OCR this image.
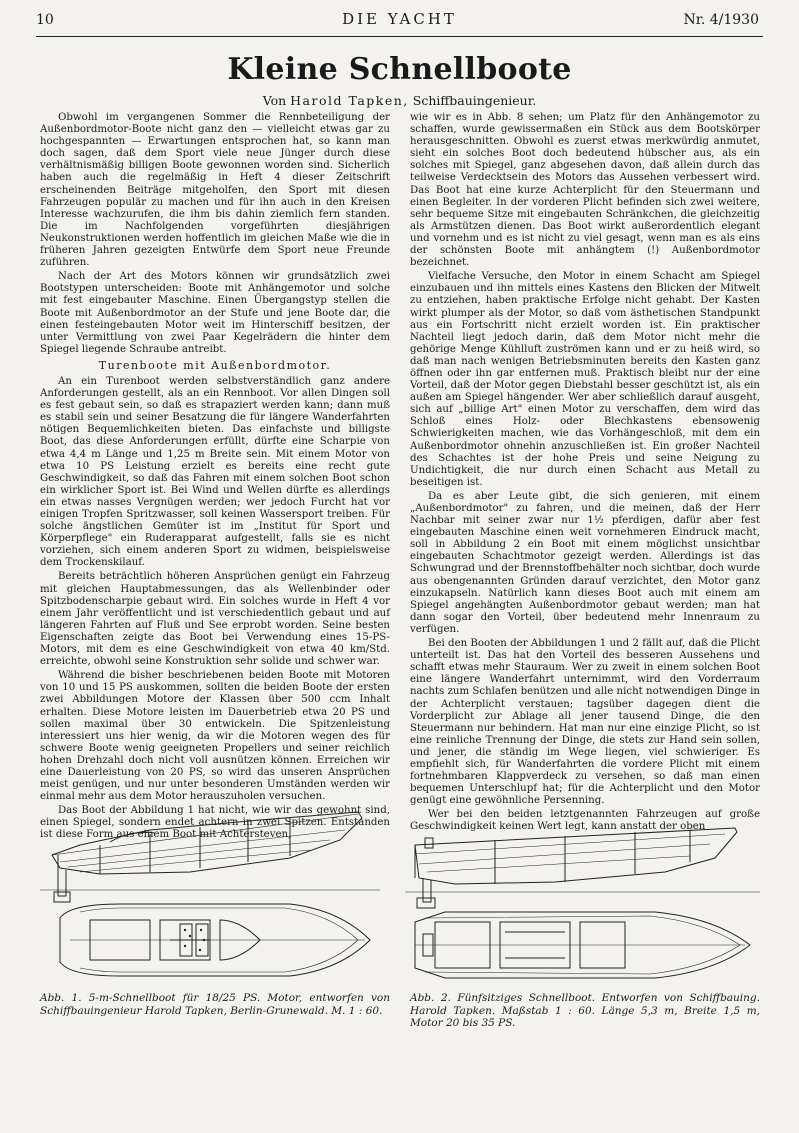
10	DIE YACHT	Nr. 4/1930
Kleine Schnellboote
Von Harold Tapken, Schiffbauingenieur.

Obwohl im vergangenen Sommer die Rennbeteiligung der Außenbordmotor-Boote nicht ganz den — vielleicht etwas gar zu hochgespannten — Erwartungen entsprochen hat, so kann man doch sagen, daß dem Sport viele neue Jünger durch diese verhältnismäßig billigen Boote gewonnen worden sind. Sicherlich haben auch die regelmäßig in Heft 4 dieser Zeitschrift erscheinenden Beiträge mitgeholfen, den Sport mit diesen Fahrzeugen populär zu machen und für ihn auch in den Kreisen Interesse wachzurufen, die ihm bis dahin ziemlich fern standen. Die im Nachfolgenden vorgeführten diesjährigen Neukonstruktionen werden hoffentlich im gleichen Maße wie die in früheren Jahren gezeigten Entwürfe dem Sport neue Freunde zuführen.

Nach der Art des Motors können wir grundsätzlich zwei Bootstypen unterscheiden: Boote mit Anhängemotor und solche mit fest eingebauter Maschine. Einen Übergangstyp stellen die Boote mit Außenbordmotor an der Stufe und jene Boote dar, die einen festeingebauten Motor weit im Hinterschiff besitzen, der unter Vermittlung von zwei Paar Kegelrädern die hinter dem Spiegel liegende Schraube antreibt.

Turenboote mit Außenbordmotor.

An ein Turenboot werden selbstverständlich ganz andere Anforderungen gestellt, als an ein Rennboot. Vor allen Dingen soll es fest gebaut sein, so daß es strapaziert werden kann; dann muß es stabil sein und seiner Besatzung die für längere Wanderfahrten nötigen Bequemlichkeiten bieten. Das einfachste und billigste Boot, das diese Anforderungen erfüllt, dürfte eine Scharpie von etwa 4,4 m Länge und 1,25 m Breite sein. Mit einem Motor von etwa 10 PS Leistung erzielt es bereits eine recht gute Geschwindigkeit, so daß das Fahren mit einem solchen Boot schon ein wirklicher Sport ist. Bei Wind und Wellen dürfte es allerdings ein etwas nasses Vergnügen werden; wer jedoch Furcht hat vor einigen Tropfen Spritzwasser, soll keinen Wassersport treiben. Für solche ängstlichen Gemüter ist im „Institut für Sport und Körperpflege" ein Ruderapparat aufgestellt, falls sie es nicht vorziehen, sich einem anderen Sport zu widmen, beispielsweise dem Trockenskilauf.

Bereits beträchtlich höheren Ansprüchen genügt ein Fahrzeug mit gleichen Hauptabmessungen, das als Wellenbinder oder Spitzbodenscharpie gebaut wird. Ein solches wurde in Heft 4 vor einem Jahr veröffentlicht und ist verschiedentlich gebaut und auf längeren Fahrten auf Fluß und See erprobt worden. Seine besten Eigenschaften zeigte das Boot bei Verwendung eines 15-PS-Motors, mit dem es eine Geschwindigkeit von etwa 40 km/Std. erreichte, obwohl seine Konstruktion sehr solide und schwer war.

Während die bisher beschriebenen beiden Boote mit Motoren von 10 und 15 PS auskommen, sollten die beiden Boote der ersten zwei Abbildungen Motore der Klassen über 500 ccm Inhalt erhalten. Diese Motore leisten im Dauerbetrieb etwa 20 PS und sollen maximal über 30 entwickeln. Die Spitzenleistung interessiert uns hier wenig, da wir die Motoren wegen des für schwere Boote wenig geeigneten Propellers und seiner reichlich hohen Drehzahl doch nicht voll ausnützen können. Erreichen wir eine Dauerleistung von 20 PS, so wird das unseren Ansprüchen meist genügen, und nur unter besonderen Umständen werden wir einmal mehr aus dem Motor herauszuholen versuchen.

Das Boot der Abbildung 1 hat nicht, wie wir das gewohnt sind, einen Spiegel, sondern endet achtern in zwei Spitzen. Entstanden ist diese Form aus einem Boot mit Achtersteven,

wie wir es in Abb. 8 sehen; um Platz für den Anhängemotor zu schaffen, wurde gewissermaßen ein Stück aus dem Bootskörper herausgeschnitten. Obwohl es zuerst etwas merkwürdig anmutet, sieht ein solches Boot doch bedeutend hübscher aus, als ein solches mit Spiegel, ganz abgesehen davon, daß allein durch das teilweise Verdecktsein des Motors das Aussehen verbessert wird. Das Boot hat eine kurze Achterplicht für den Steuermann und einen Begleiter. In der vorderen Plicht befinden sich zwei weitere, sehr bequeme Sitze mit eingebauten Schränkchen, die gleichzeitig als Armstützen dienen. Das Boot wirkt außerordentlich elegant und vornehm und es ist nicht zu viel gesagt, wenn man es als eins der schönsten Boote mit anhängtem (!) Außenbordmotor bezeichnet.

Vielfache Versuche, den Motor in einem Schacht am Spiegel einzubauen und ihn mittels eines Kastens den Blicken der Mitwelt zu entziehen, haben praktische Erfolge nicht gehabt. Der Kasten wirkt plumper als der Motor, so daß vom ästhetischen Standpunkt aus ein Fortschritt nicht erzielt worden ist. Ein praktischer Nachteil liegt jedoch darin, daß dem Motor nicht mehr die gehörige Menge Kühlluft zuströmen kann und er zu heiß wird, so daß man nach wenigen Betriebsminuten bereits den Kasten ganz öffnen oder ihn gar entfernen muß. Praktisch bleibt nur der eine Vorteil, daß der Motor gegen Diebstahl besser geschützt ist, als ein außen am Spiegel hängender. Wer aber schließlich darauf ausgeht, sich auf „billige Art" einen Motor zu verschaffen, dem wird das Schloß eines Holz- oder Blechkastens ebensowenig Schwierigkeiten machen, wie das Vorhängeschloß, mit dem ein Außenbordmotor ohnehin anzuschließen ist. Ein großer Nachteil des Schachtes ist der hohe Preis und seine Neigung zu Undichtigkeit, die nur durch einen Schacht aus Metall zu beseitigen ist.

Da es aber Leute gibt, die sich genieren, mit einem „Außenbordmotor" zu fahren, und die meinen, daß der Herr Nachbar mit seiner zwar nur 1½ pferdigen, dafür aber fest eingebauten Maschine einen weit vornehmeren Eindruck macht, soll in Abbildung 2 ein Boot mit einem möglichst unsichtbar eingebauten Schachtmotor gezeigt werden. Allerdings ist das Schwungrad und der Brennstoffbehälter noch sichtbar, doch wurde aus obengenannten Gründen darauf verzichtet, den Motor ganz einzukapseln. Natürlich kann dieses Boot auch mit einem am Spiegel angehängten Außenbordmotor gebaut werden; man hat dann sogar den Vorteil, über bedeutend mehr Innenraum zu verfügen.

Bei den Booten der Abbildungen 1 und 2 fällt auf, daß die Plicht unterteilt ist. Das hat den Vorteil des besseren Aussehens und schafft etwas mehr Stauraum. Wer zu zweit in einem solchen Boot eine längere Wanderfahrt unternimmt, wird den Vorderraum nachts zum Schlafen benützen und alle nicht notwendigen Dinge in der Achterplicht verstauen; tagsüber dagegen dient die Vorderplicht zur Ablage all jener tausend Dinge, die den Steuermann nur behindern. Hat man nur eine einzige Plicht, so ist eine reinliche Trennung der Dinge, die stets zur Hand sein sollen, und jener, die ständig im Wege liegen, viel schwieriger. Es empfiehlt sich, für Wanderfahrten die vordere Plicht mit einem fortnehmbaren Klappverdeck zu versehen, so daß man einen bequemen Unterschlupf hat; für die Achterplicht und den Motor genügt eine gewöhnliche Persenning.

Wer bei den beiden letztgenannten Fahrzeugen auf große Geschwindigkeit keinen Wert legt, kann anstatt der oben

Abb. 1. 5-m-Schnellboot für 18/25 PS. Motor, entworfen von Schiffbauingenieur Harold Tapken, Berlin-Grunewald. M. 1 : 60.
Abb. 2. Fünfsitziges Schnellboot. Entworfen von Schiffbauing. Harold Tapken. Maßstab 1 : 60. Länge 5,3 m, Breite 1,5 m, Motor 20 bis 35 PS.
